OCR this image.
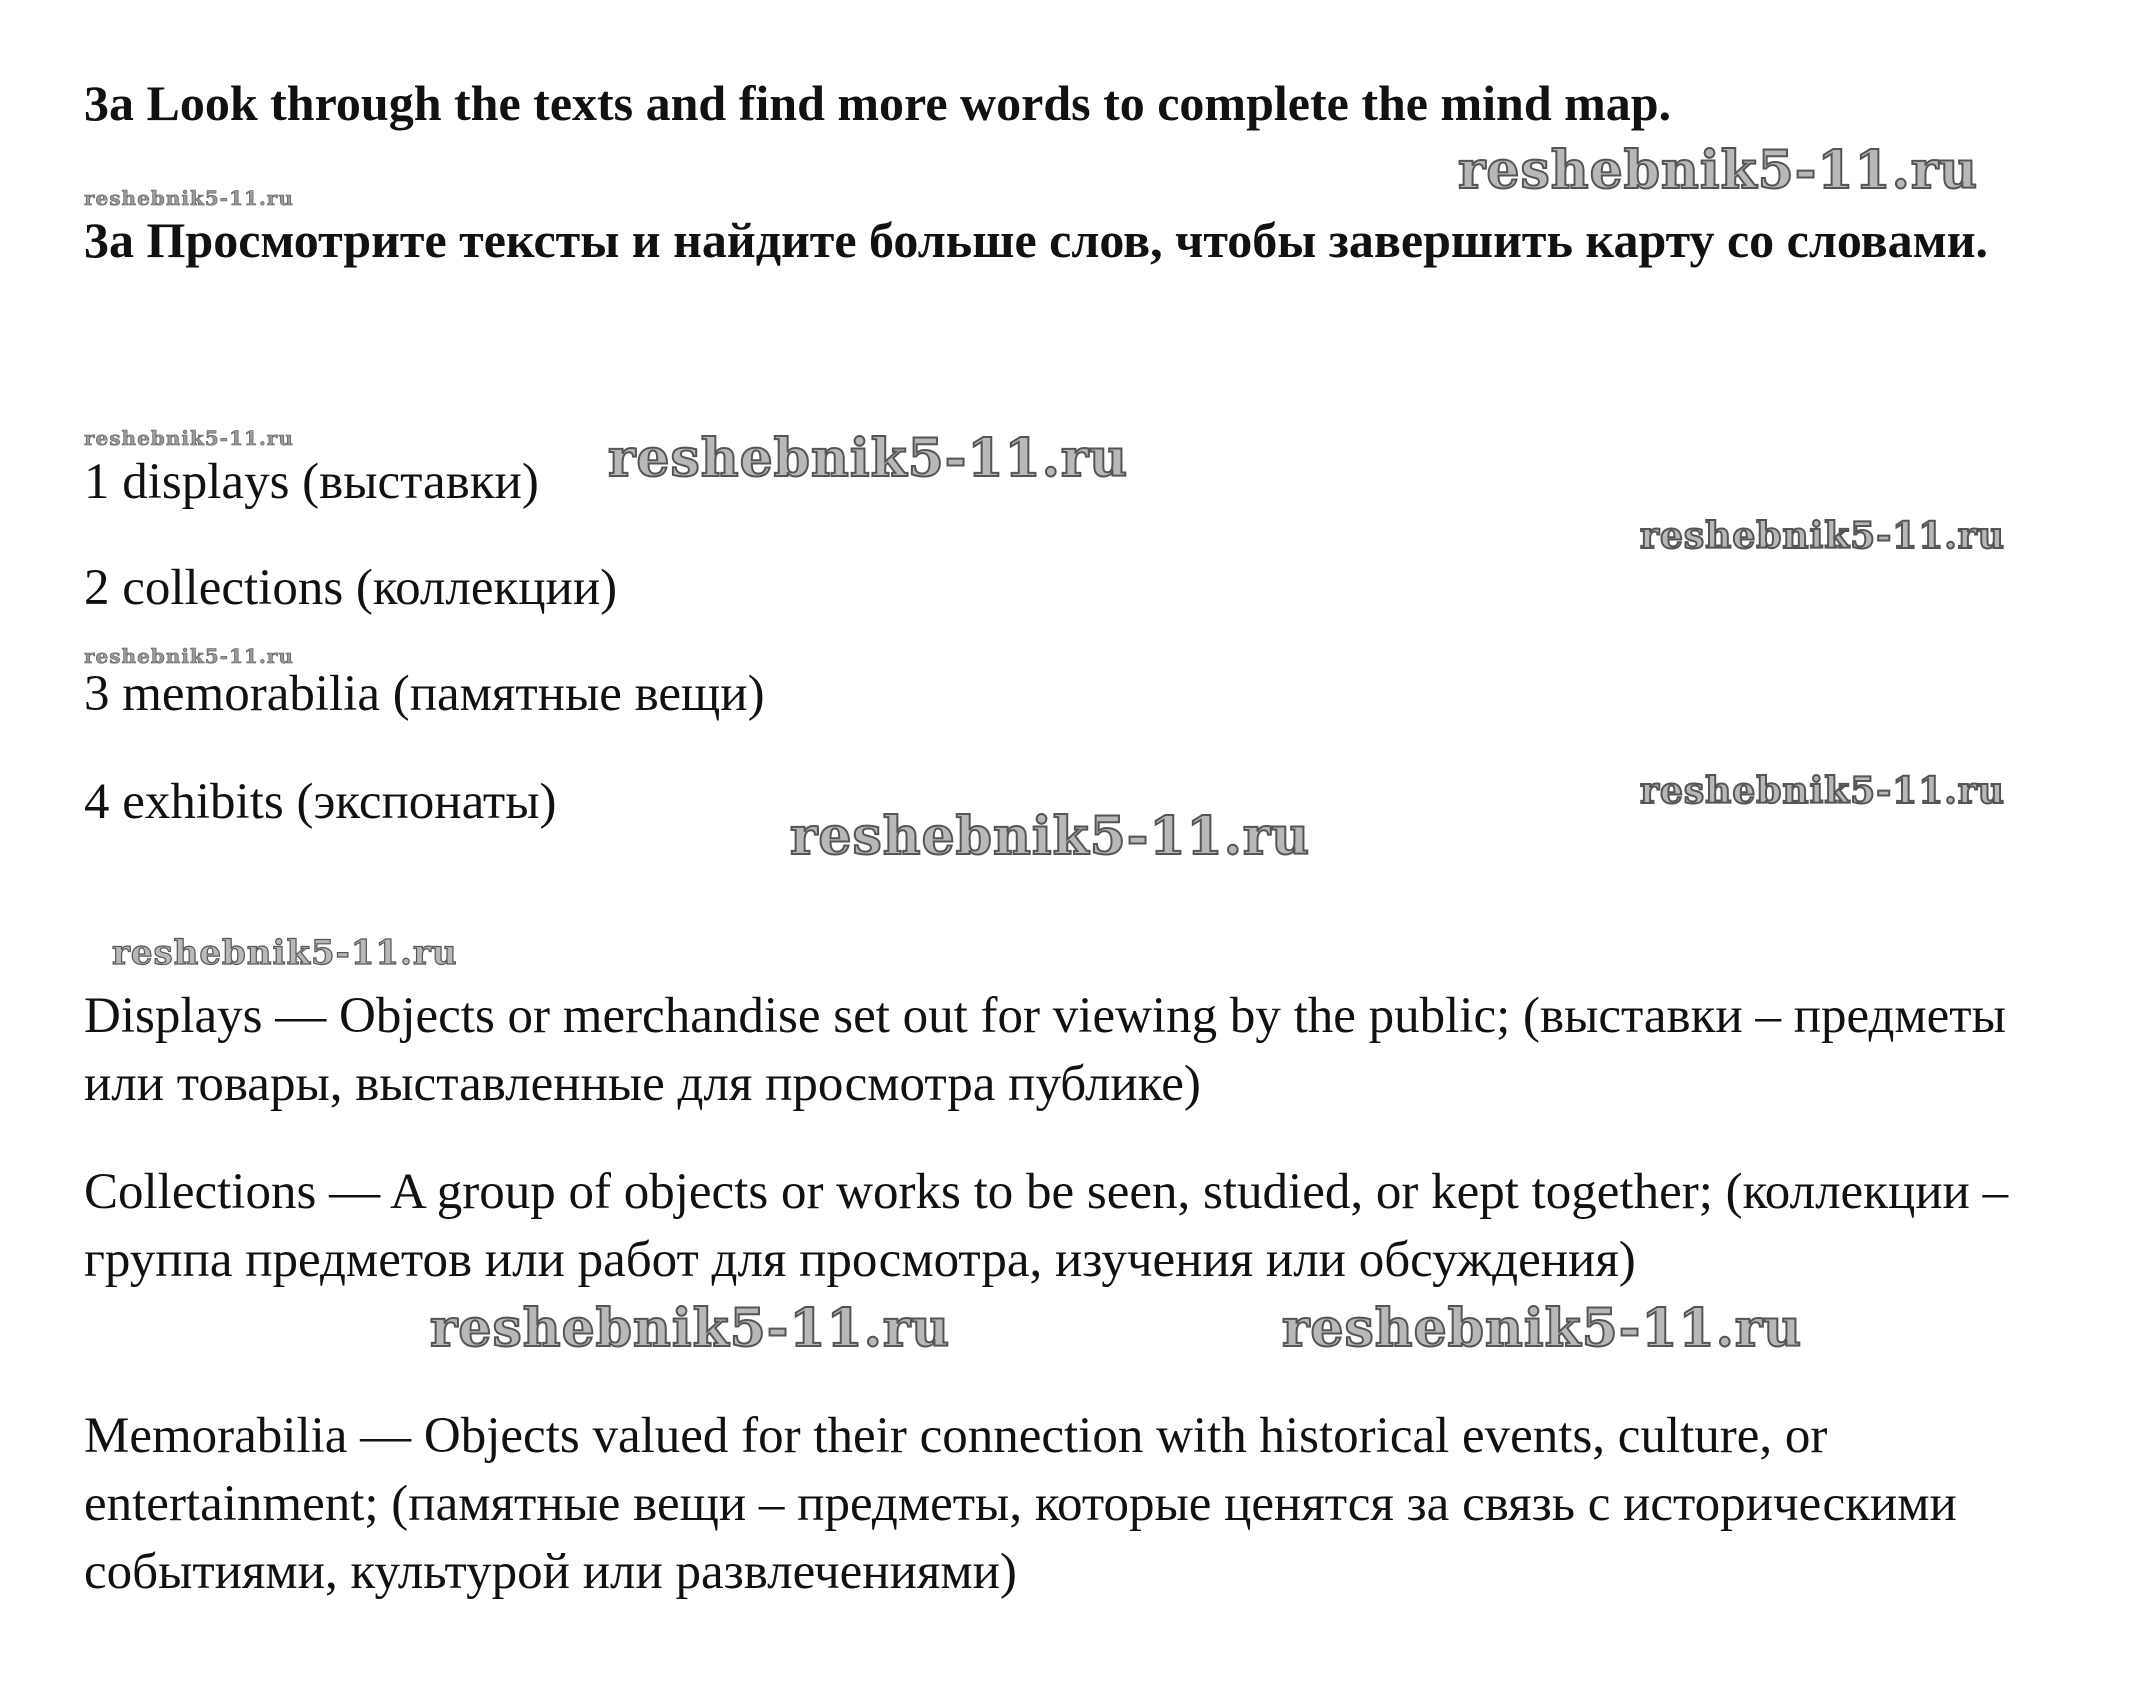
3a Look through the texts and find more words to complete the mind map.

3a Просмотрите тексты и найдите больше слов, чтобы завершить карту со словами.

1 displays (выставки)

2 collections (коллекции)

3 memorabilia (памятные вещи)

4 exhibits (экспонаты)

Displays — Objects or merchandise set out for viewing by the public; (выставки – предметы или товары, выставленные для просмотра публике)

Collections — A group of objects or works to be seen, studied, or kept together; (коллекции – группа предметов или работ для просмотра, изучения или обсуждения)

Memorabilia — Objects valued for their connection with historical events, culture, or entertainment; (памятные вещи – предметы, которые ценятся за связь с историческими событиями, культурой или развлечениями)

reshebnik5-11.ru
reshebnik5-11.ru
reshebnik5-11.ru	reshebnik5-11.ru
reshebnik5-11.ru
reshebnik5-11.ru
reshebnik5-11.ru
reshebnik5-11.ru
reshebnik5-11.ru
reshebnik5-11.ru	reshebnik5-11.ru
